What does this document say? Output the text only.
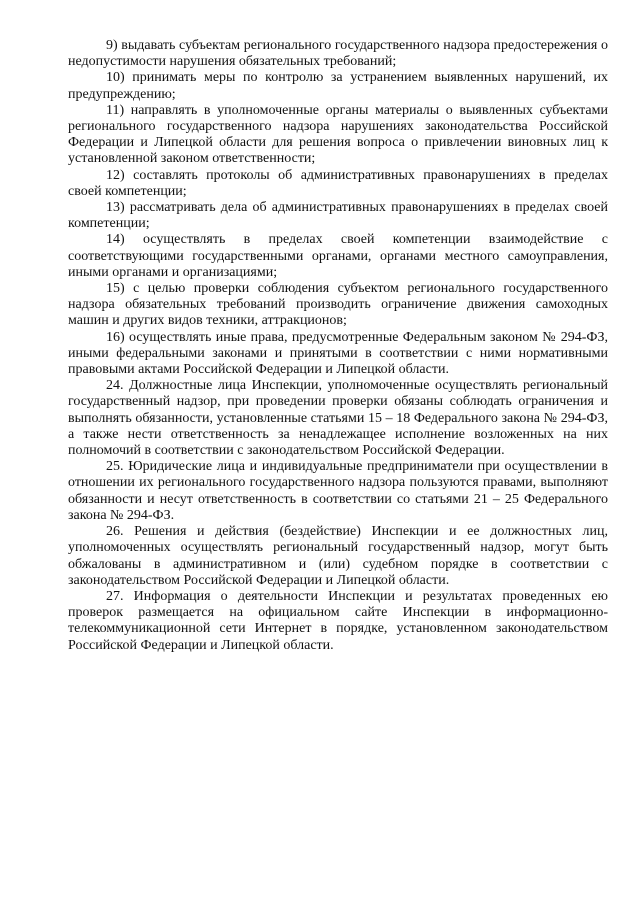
9) выдавать субъектам регионального государственного надзора предостережения о недопустимости нарушения обязательных требований;

10) принимать меры по контролю за устранением выявленных нарушений, их предупреждению;

11) направлять в уполномоченные органы материалы о выявленных субъектами регионального государственного надзора нарушениях законодательства Российской Федерации и Липецкой области для решения вопроса о привлечении виновных лиц к установленной законом ответственности;

12) составлять протоколы об административных правонарушениях в пределах своей компетенции;

13) рассматривать дела об административных правонарушениях в пределах своей компетенции;

14) осуществлять в пределах своей компетенции взаимодействие с соответствующими государственными органами, органами местного самоуправления, иными органами и организациями;

15) с целью проверки соблюдения субъектом регионального государственного надзора обязательных требований производить ограничение движения самоходных машин и других видов техники, аттракционов;

16) осуществлять иные права, предусмотренные Федеральным законом № 294-ФЗ, иными федеральными законами и принятыми в соответствии с ними нормативными правовыми актами Российской Федерации и Липецкой области.

24. Должностные лица Инспекции, уполномоченные осуществлять региональный государственный надзор, при проведении проверки обязаны соблюдать ограничения и выполнять обязанности, установленные статьями 15 – 18 Федерального закона № 294-ФЗ, а также нести ответственность за ненадлежащее исполнение возложенных на них полномочий в соответствии с законодательством Российской Федерации.

25. Юридические лица и индивидуальные предприниматели при осуществлении в отношении их регионального государственного надзора пользуются правами, выполняют обязанности и несут ответственность в соответствии со статьями 21 – 25 Федерального закона № 294-ФЗ.

26. Решения и действия (бездействие) Инспекции и ее должностных лиц, уполномоченных осуществлять региональный государственный надзор, могут быть обжалованы в административном и (или) судебном порядке в соответствии с законодательством Российской Федерации и Липецкой области.

27. Информация о деятельности Инспекции и результатах проведенных ею проверок размещается на официальном сайте Инспекции в информационно-телекоммуникационной сети Интернет в порядке, установленном законодательством Российской Федерации и Липецкой области.
